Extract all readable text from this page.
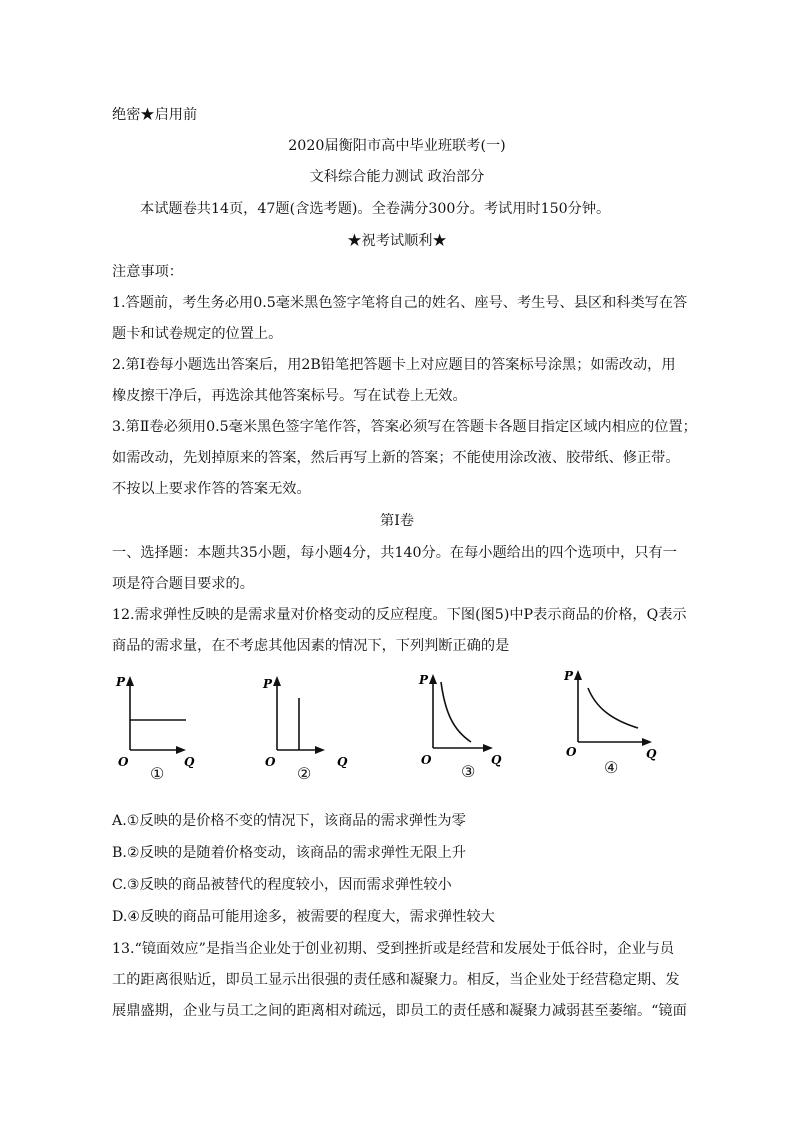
绝密★启用前
2020届衡阳市高中毕业班联考(一)
文科综合能力测试 政治部分
本试题卷共14页，47题(含选考题)。全卷满分300分。考试用时150分钟。
★祝考试顺利★
注意事项：
1.答题前，考生务必用0.5毫米黑色签字笔将自己的姓名、座号、考生号、县区和科类写在答
题卡和试卷规定的位置上。
2.第Ⅰ卷每小题选出答案后，用2B铅笔把答题卡上对应题目的答案标号涂黑；如需改动，用
橡皮擦干净后，再选涂其他答案标号。写在试卷上无效。
3.第Ⅱ卷必须用0.5毫米黑色签字笔作答，答案必须写在答题卡各题目指定区域内相应的位置；
如需改动，先划掉原来的答案，然后再写上新的答案；不能使用涂改液、胶带纸、修正带。
不按以上要求作答的答案无效。
第Ⅰ卷
一、选择题：本题共35小题，每小题4分，共140分。在每小题给出的四个选项中，只有一
项是符合题目要求的。
12.需求弹性反映的是需求量对价格变动的反应程度。下图(图5)中P表示商品的价格，Q表示
商品的需求量，在不考虑其他因素的情况下，下列判断正确的是
P
Q
O
①
P
Q
O
②
P
Q
O
③
P
Q
O
④
A.①反映的是价格不变的情况下，该商品的需求弹性为零
B.②反映的是随着价格变动，该商品的需求弹性无限上升
C.③反映的商品被替代的程度较小，因而需求弹性较小
D.④反映的商品可能用途多，被需要的程度大，需求弹性较大
13.“镜面效应”是指当企业处于创业初期、受到挫折或是经营和发展处于低谷时，企业与员
工的距离很贴近，即员工显示出很强的责任感和凝聚力。相反，当企业处于经营稳定期、发
展鼎盛期，企业与员工之间的距离相对疏远，即员工的责任感和凝聚力减弱甚至萎缩。“镜面
